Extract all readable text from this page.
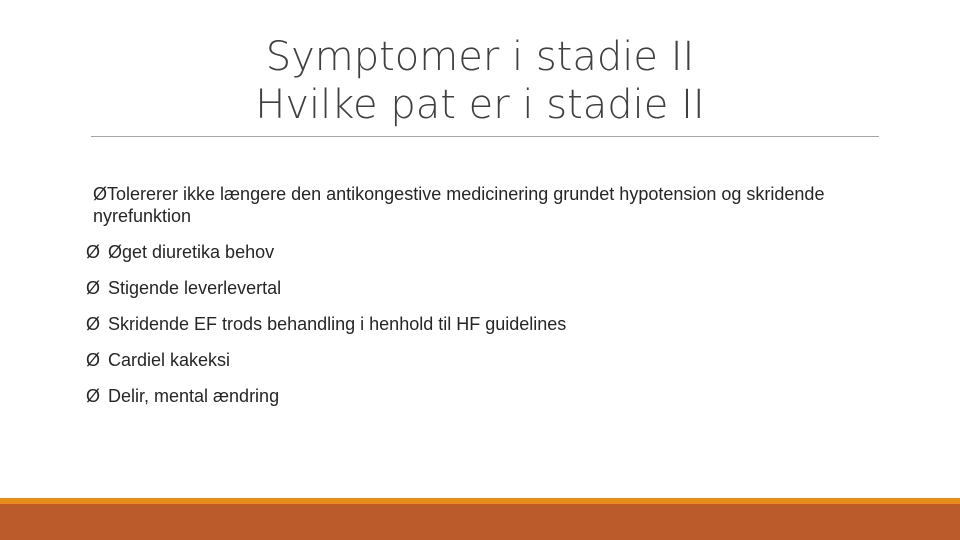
Symptomer i stadie II
Hvilke pat er i stadie II
ØTolererer ikke længere den antikongestive medicinering grundet hypotension og skridende nyrefunktion
Ø Øget diuretika behov
Ø Stigende leverlevertal
Ø Skridende EF trods behandling i henhold til HF guidelines
Ø Cardiel kakeksi
Ø Delir, mental ændring
